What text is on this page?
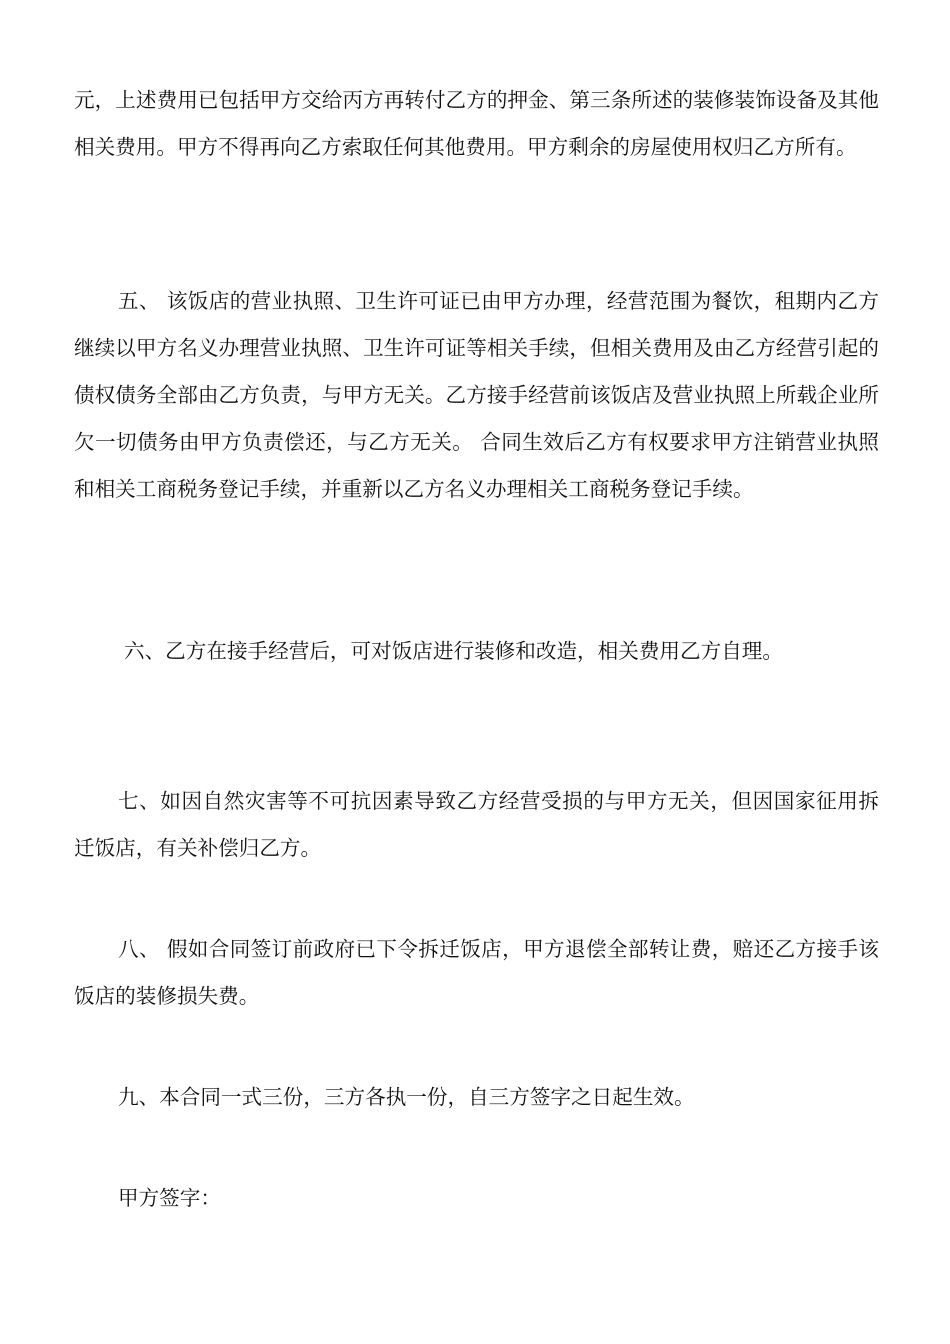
元，上述费用已包括甲方交给丙方再转付乙方的押金、第三条所述的装修装饰设备及其他相关费用。甲方不得再向乙方索取任何其他费用。甲方剩余的房屋使用权归乙方所有。

五、 该饭店的营业执照、卫生许可证已由甲方办理，经营范围为餐饮，租期内乙方继续以甲方名义办理营业执照、卫生许可证等相关手续，但相关费用及由乙方经营引起的债权债务全部由乙方负责，与甲方无关。乙方接手经营前该饭店及营业执照上所载企业所欠一切债务由甲方负责偿还，与乙方无关。 合同生效后乙方有权要求甲方注销营业执照和相关工商税务登记手续，并重新以乙方名义办理相关工商税务登记手续。

六、乙方在接手经营后，可对饭店进行装修和改造，相关费用乙方自理。

七、如因自然灾害等不可抗因素导致乙方经营受损的与甲方无关，但因国家征用拆迁饭店，有关补偿归乙方。

八、 假如合同签订前政府已下令拆迁饭店，甲方退偿全部转让费，赔还乙方接手该饭店的装修损失费。

九、本合同一式三份，三方各执一份，自三方签字之日起生效。

甲方签字：
